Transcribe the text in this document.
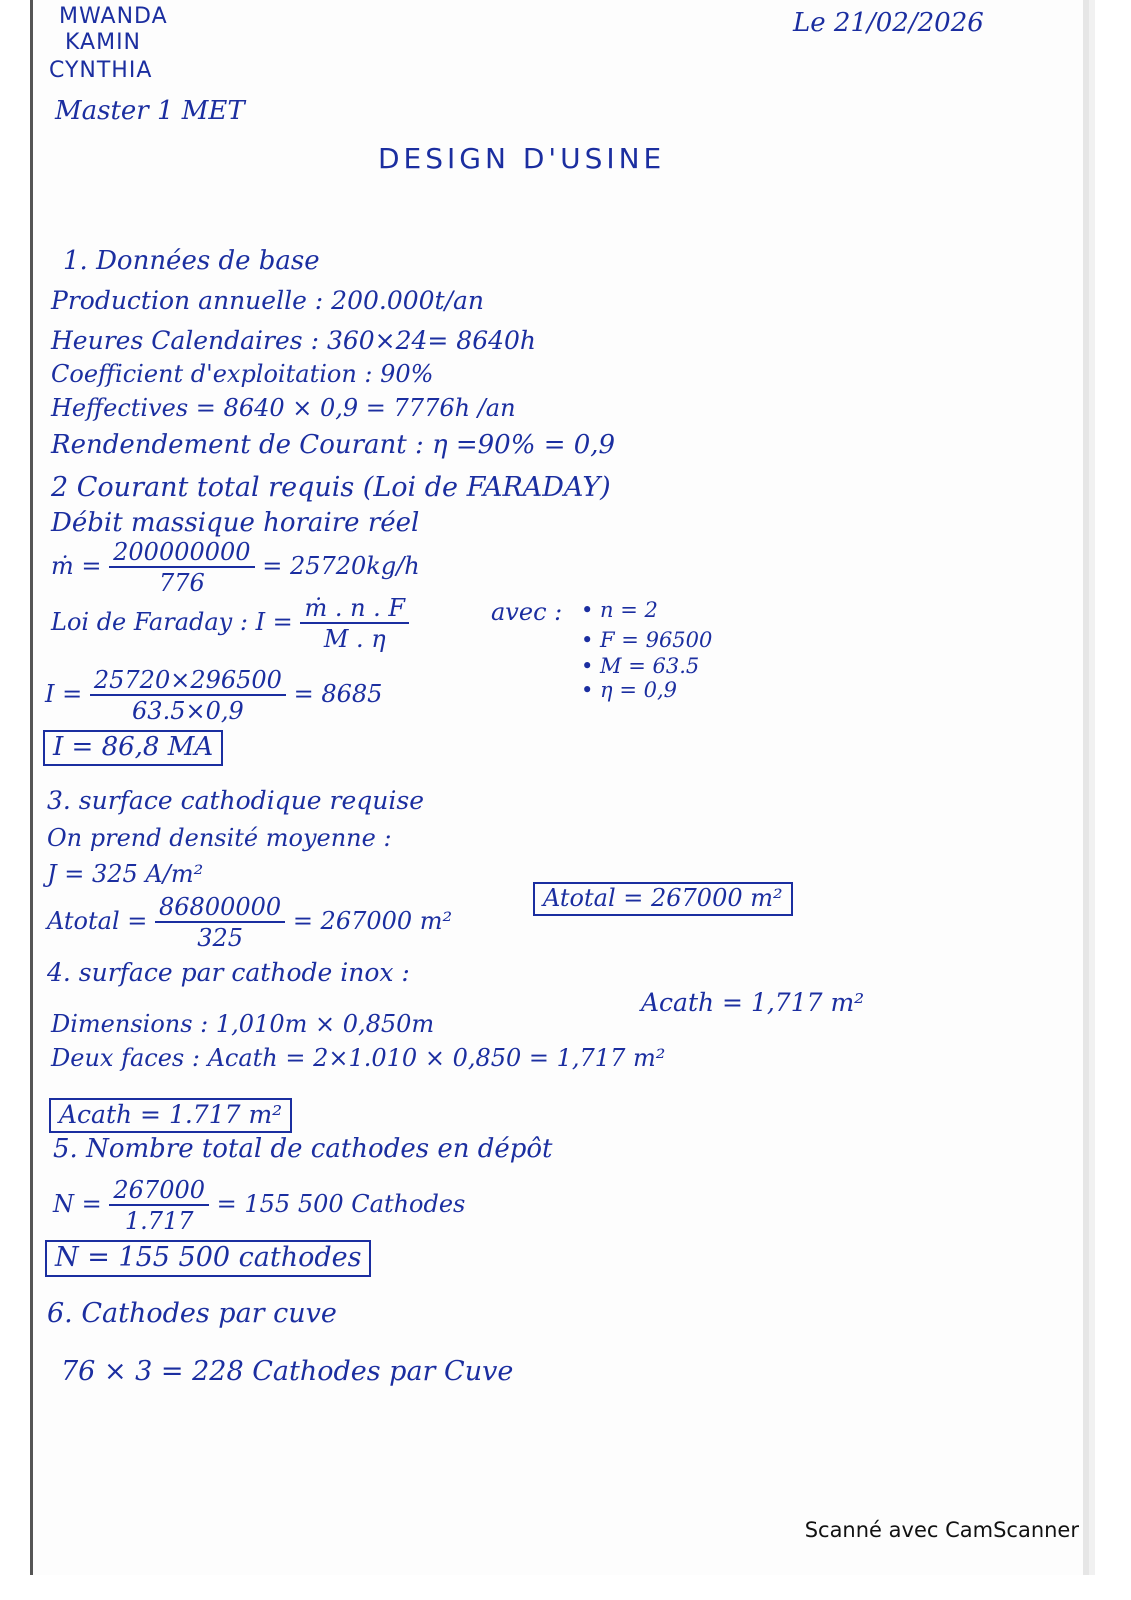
MWANDA
KAMIN
CYNTHIA
Master 1 MET
Le 21/02/2026
DESIGN D'USINE
1. Données de base
Production annuelle : 200.000t/an
Heures Calendaires : 360×24= 8640h
Coefficient d'exploitation : 90%
Heffectives = 8640 × 0,9 = 7776h /an
Rendendement de Courant : η =90% = 0,9
2 Courant total requis (Loi de FARADAY)
Débit massique horaire réel
ṁ = $\frac{200000000}{776} = 25720kg/h$
Loi de Faraday : $I = \frac{\text{ṁ . n . F}}{M . \eta}$	avec : • n = 2
• F = 96500
• M = 63.5
• η = 0,9
$I = \frac{25720\times 296500}{63.5\times 0,9} = 8685$
I = 86,8 MA
3. surface cathodique requise
On prend densité moyenne :
J = 325 A/m²
Atotal = $\frac{86800000}{325} = 267000$ m²
Atotal = 267000 m²
4. surface par cathode inox :
Dimensions : 1,010m × 0,850m
Acath = 1,717 m²
Deux faces : Acath = 2×1.010 × 0,850 = 1,717 m²
Acath = 1.717 m²
5. Nombre total de cathodes en dépôt
$N = \frac{267000}{1.717} = 155$ 500 Cathodes
N = 155 500 cathodes
6. Cathodes par cuve
76 × 3 = 228 Cathodes par Cuve
Scanné avec CamScanner
